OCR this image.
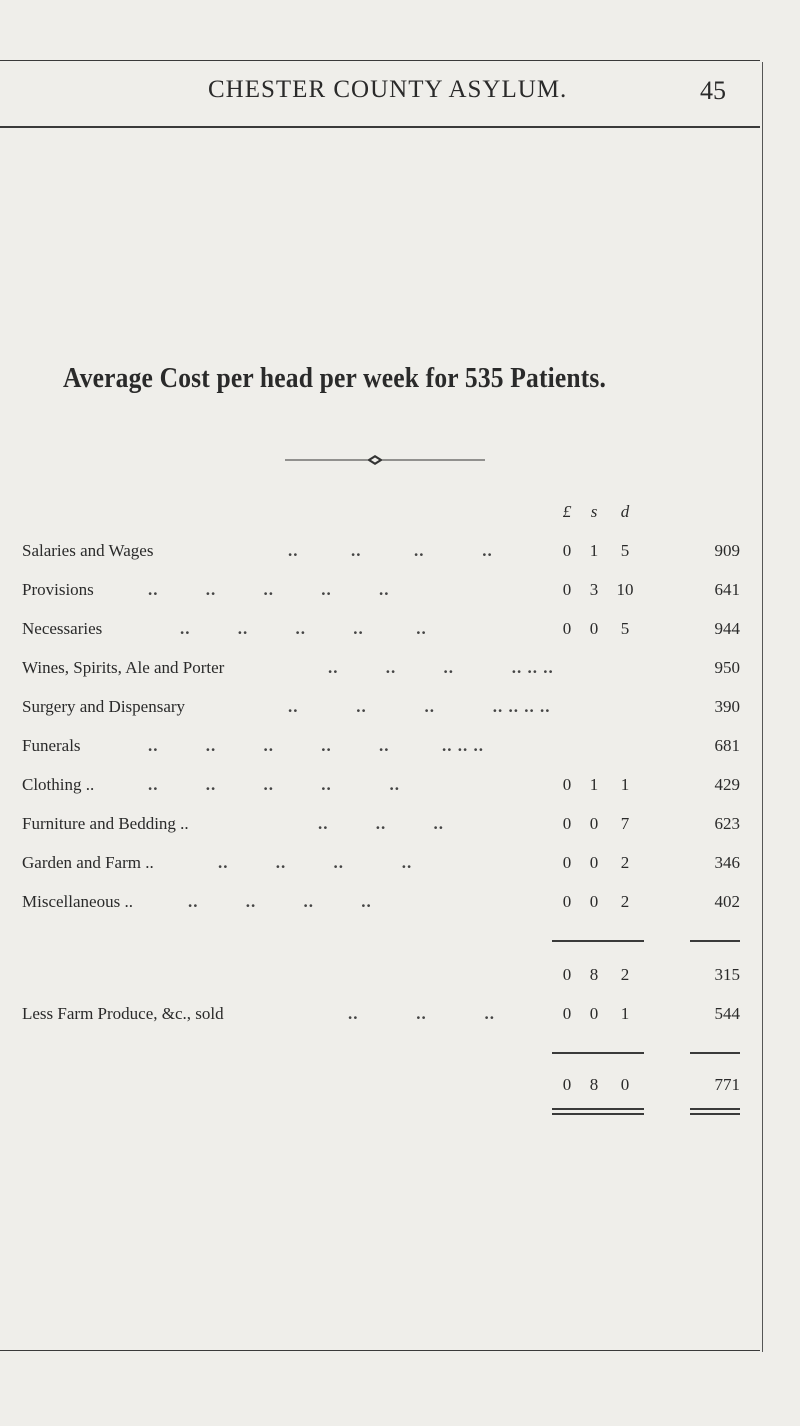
CHESTER COUNTY ASYLUM.	45
Average Cost per head per week for 535 Patients.
£	s	d
Salaries and Wages	..          ..          ..           ..	0	1	5	909
Provisions	..         ..         ..         ..         ..	0	3	10	641
Necessaries	..         ..         ..         ..          ..	0	0	5	944
Wines, Spirits, Ale and Porter	..         ..         ..           .. .. ..	950
Surgery and Dispensary	..           ..           ..           .. .. .. ..	390
Funerals	..         ..         ..         ..         ..          .. .. ..	681
Clothing ..	..         ..         ..         ..           ..	0	1	1	429
Furniture and Bedding ..	..         ..         ..	0	0	7	623
Garden and Farm ..	..         ..         ..           ..	0	0	2	346
Miscellaneous ..	..         ..         ..         ..	0	0	2	402
0	8	2	315
Less Farm Produce, &c., sold	..           ..           ..	0	0	1	544
0	8	0	771
